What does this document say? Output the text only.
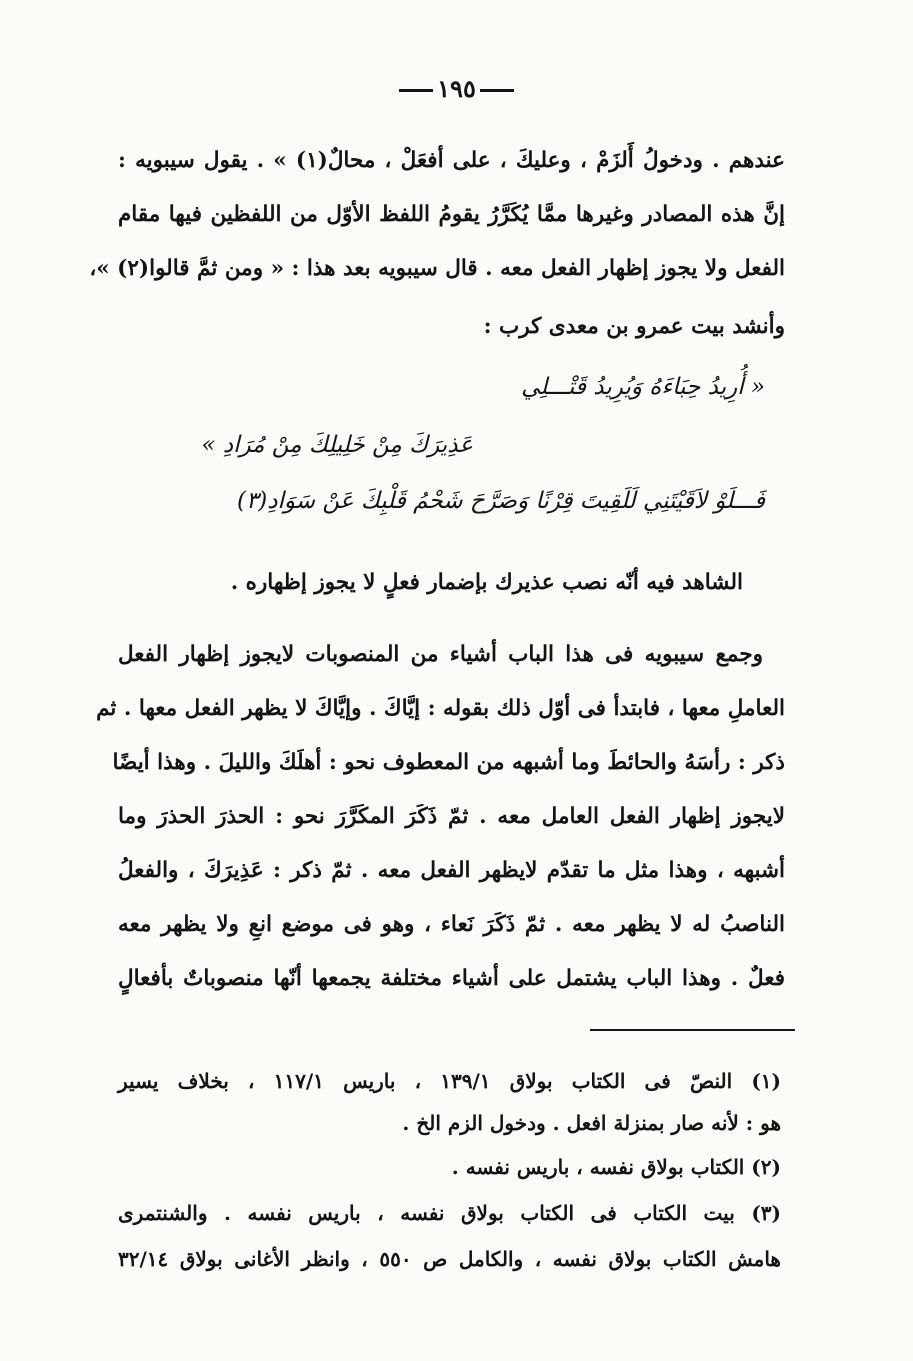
١٩٥
عندهم . ودخولُ أَلزَمْ ، وعليكَ ، على أفعَلْ ، محالٌ(١) » . يقول سيبويه :
إنَّ هذه المصادر وغيرها ممَّا يُكَرَّرُ يقومُ اللفظ الأوّل من اللفظين فيها مقام
الفعل ولا يجوز إظهار الفعل معه . قال سيبويه بعد هذا : « ومن ثمَّ قالوا(٢) »،
وأنشد بيت عمرو بن معدى كرب :
« أُرِيدُ حِبَاءَهُ وَيُرِيدُ قَتْـــلِي
عَذِيرَكَ مِنْ خَلِيلِكَ مِنْ مُرَادِ »
فَـــلَوْ لاَقَيْتَنِي لَلَقِيتَ قِرْنًا وَصَرَّحَ شَحْمُ قَلْبِكَ عَنْ سَوَادِ(٣)
الشاهد فيه أنّه نصب عذيرك بإضمار فعلٍ لا يجوز إظهاره .
وجمع سيبويه فى هذا الباب أشياء من المنصوبات لايجوز إظهار الفعل
العاملِ معها ، فابتدأ فى أوّل ذلك بقوله : إيَّاكَ . وإيَّاكَ لا يظهر الفعل معها . ثم
ذكر : رأسَهُ والحائطَ وما أشبهه من المعطوف نحو : أهلَكَ والليلَ . وهذا أيضًا
لايجوز إظهار الفعل العامل معه . ثمّ ذَكَرَ المكَرَّرَ نحو : الحذرَ الحذرَ وما
أشبهه ، وهذا مثل ما تقدّم لايظهر الفعل معه . ثمّ ذكر : عَذِيرَكَ ، والفعلُ
الناصبُ له لا يظهر معه . ثمّ ذَكَرَ نَعاء ، وهو فى موضع انعِ ولا يظهر معه
فعلٌ . وهذا الباب يشتمل على أشياء مختلفة يجمعها أنّها منصوباتٌ بأفعالٍ
(١) النصّ فى الكتاب بولاق ١٣٩/١ ، باريس ١١٧/١ ، بخلاف يسير
هو : لأنه صار بمنزلة افعل . ودخول الزم الخ .
(٢) الكتاب بولاق نفسه ، باريس نفسه .
(٣) بيت الكتاب فى الكتاب بولاق نفسه ، باريس نفسه . والشنتمرى
هامش الكتاب بولاق نفسه ، والكامل ص ٥٥٠ ، وانظر الأغانى بولاق ٣٢/١٤
